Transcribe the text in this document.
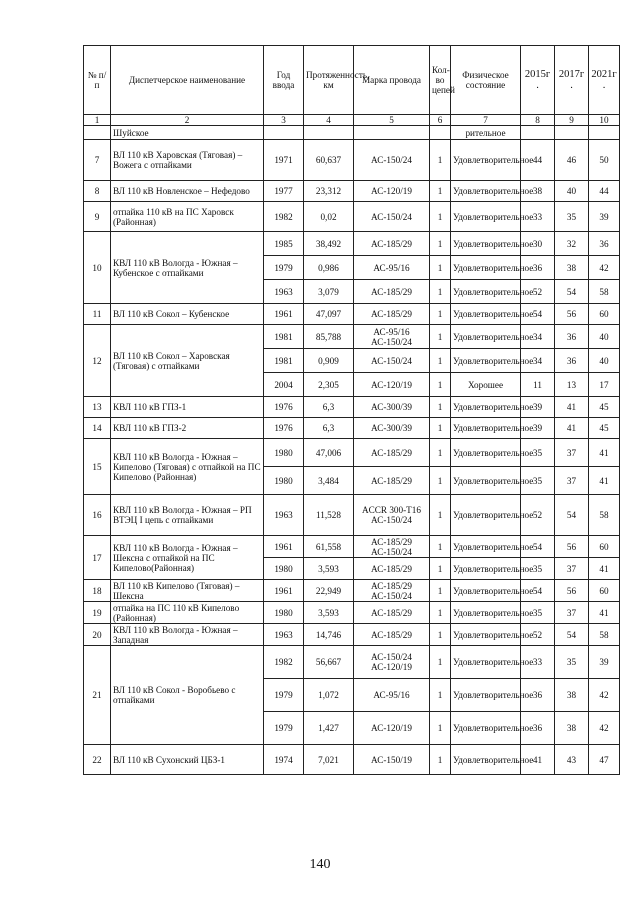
№ п/п	Диспетчерское наименование	Год ввода	Протяженность, км	Марка провода	Кол-во цепей	Физическое состояние	2015г .	2017г .	2021г .
1	2	3	4	5	6	7	8	9	10
	Шуйское					рительное			
7	ВЛ 110 кВ Харовская (Тяговая) – Вожега с отпайками	1971	60,637	АС-150/24	1	Удовлетворительное	44	46	50
8	ВЛ 110 кВ Новленское – Нефедово	1977	23,312	АС-120/19	1	Удовлетворительное	38	40	44
9	отпайка 110 кВ на ПС Харовск (Районная)	1982	0,02	АС-150/24	1	Удовлетворительное	33	35	39
10	КВЛ 110 кВ Вологда - Южная – Кубенское с отпайками	1985	38,492	АС-185/29	1	Удовлетворительное	30	32	36
		1979	0,986	АС-95/16	1	Удовлетворительное	36	38	42
		1963	3,079	АС-185/29	1	Удовлетворительное	52	54	58
11	ВЛ 110 кВ Сокол – Кубенское	1961	47,097	АС-185/29	1	Удовлетворительное	54	56	60
12	ВЛ 110 кВ Сокол – Харовская (Тяговая) с отпайками	1981	85,788	АС-95/16 АС-150/24	1	Удовлетворительное	34	36	40
		1981	0,909	АС-150/24	1	Удовлетворительное	34	36	40
		2004	2,305	АС-120/19	1	Хорошее	11	13	17
13	КВЛ 110 кВ ГПЗ-1	1976	6,3	АС-300/39	1	Удовлетворительное	39	41	45
14	КВЛ 110 кВ ГПЗ-2	1976	6,3	АС-300/39	1	Удовлетворительное	39	41	45
15	КВЛ 110 кВ Вологда - Южная – Кипелово (Тяговая) с отпайкой на ПС Кипелово (Районная)	1980	47,006	АС-185/29	1	Удовлетворительное	35	37	41
		1980	3,484	АС-185/29	1	Удовлетворительное	35	37	41
16	КВЛ 110 кВ Вологда - Южная – РП ВТЭЦ I цепь с отпайками	1963	11,528	ACCR 300-T16 АС-150/24	1	Удовлетворительное	52	54	58
17	КВЛ 110 кВ Вологда - Южная – Шексна с отпайкой на ПС Кипелово(Районная)	1961	61,558	АС-185/29 АС-150/24	1	Удовлетворительное	54	56	60
		1980	3,593	АС-185/29	1	Удовлетворительное	35	37	41
18	ВЛ 110 кВ Кипелово (Тяговая) – Шексна	1961	22,949	АС-185/29 АС-150/24	1	Удовлетворительное	54	56	60
19	отпайка на ПС 110 кВ Кипелово (Районная)	1980	3,593	АС-185/29	1	Удовлетворительное	35	37	41
20	КВЛ 110 кВ Вологда - Южная – Западная	1963	14,746	АС-185/29	1	Удовлетворительное	52	54	58
21	ВЛ 110 кВ Сокол - Воробьево с отпайками	1982	56,667	АС-150/24 АС-120/19	1	Удовлетворительное	33	35	39
		1979	1,072	АС-95/16	1	Удовлетворительное	36	38	42
		1979	1,427	АС-120/19	1	Удовлетворительное	36	38	42
22	ВЛ 110 кВ Сухонский ЦБЗ-1	1974	7,021	АС-150/19	1	Удовлетворительное	41	43	47
140
